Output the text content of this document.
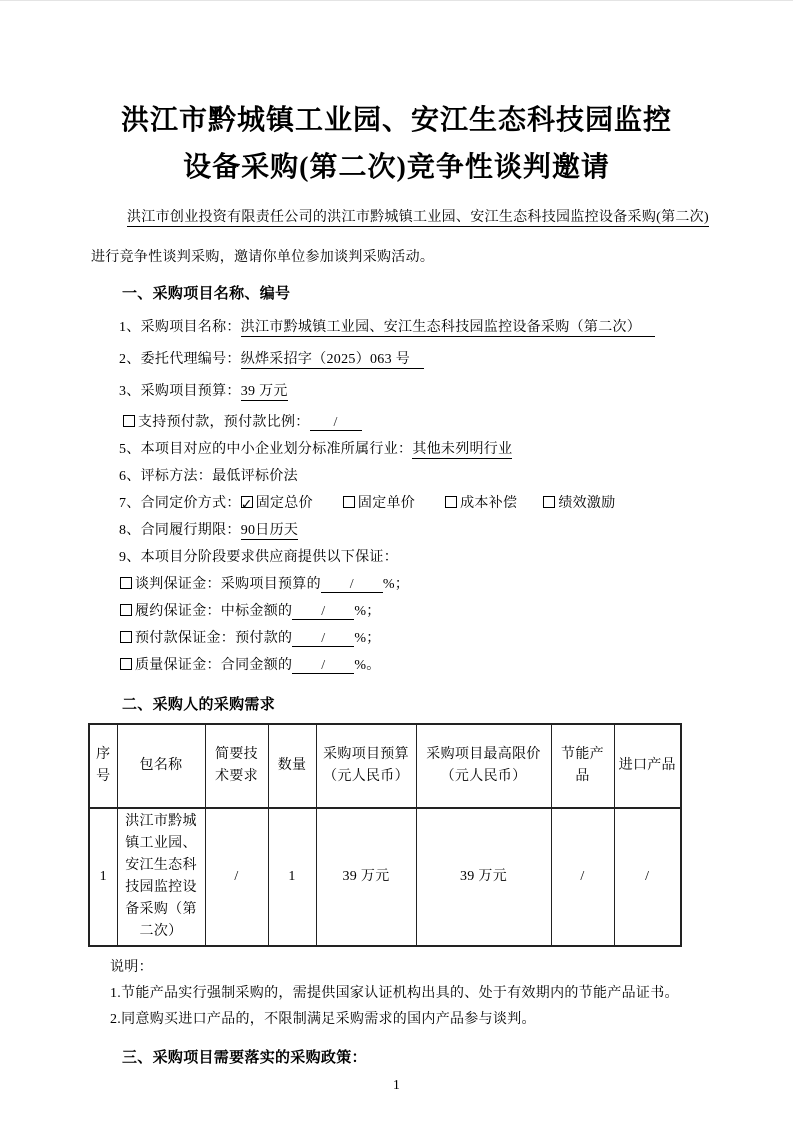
洪江市黔城镇工业园、安江生态科技园监控
设备采购(第二次)竞争性谈判邀请

洪江市创业投资有限责任公司的洪江市黔城镇工业园、安江生态科技园监控设备采购(第二次)

进行竞争性谈判采购，邀请你单位参加谈判采购活动。

一、采购项目名称、编号

1、采购项目名称：洪江市黔城镇工业园、安江生态科技园监控设备采购（第二次）

2、委托代理编号：纵烨采招字（2025）063 号

3、采购项目预算：39 万元

支持预付款，预付款比例： /

5、本项目对应的中小企业划分标准所属行业：其他未列明行业

6、评标方法：最低评标价法

7、合同定价方式： ✓ 固定总价	固定单价	成本补偿	绩效激励

8、合同履行期限：90日历天

9、本项目分阶段要求供应商提供以下保证：

谈判保证金：采购项目预算的 / %；

履约保证金：中标金额的 / %；

预付款保证金：预付款的 / %；

质量保证金：合同金额的 / %。

二、采购人的采购需求

序号	包名称	简要技术要求	数量	采购项目预算（元人民币）	采购项目最高限价（元人民币）	节能产品	进口产品
1	洪江市黔城镇工业园、安江生态科技园监控设备采购（第二次）	/	1	39 万元	39 万元	/	/

说明：

1.节能产品实行强制采购的，需提供国家认证机构出具的、处于有效期内的节能产品证书。

2.同意购买进口产品的，不限制满足采购需求的国内产品参与谈判。

三、采购项目需要落实的采购政策：

1
